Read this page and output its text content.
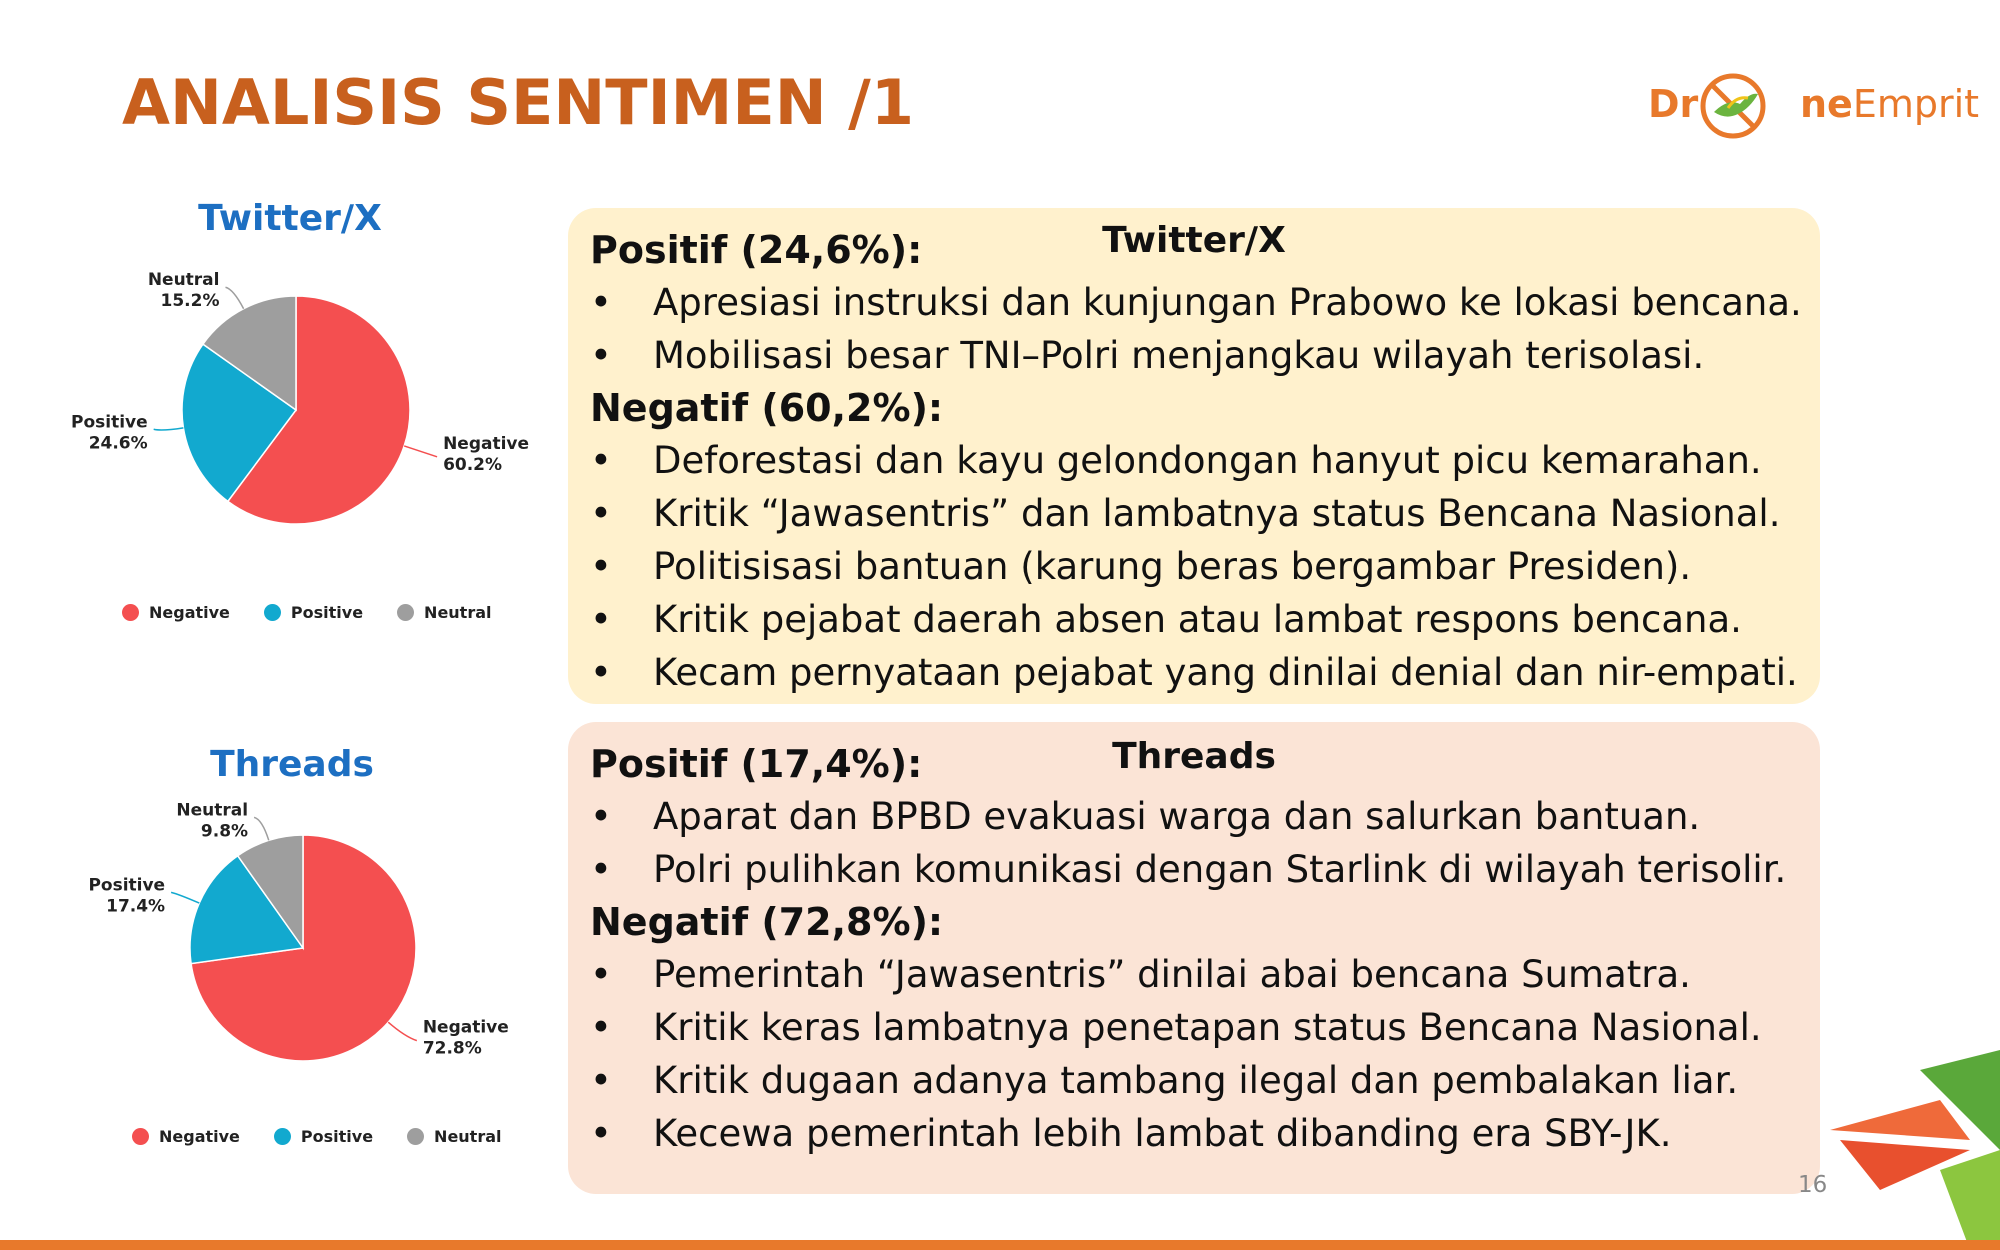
ANALISIS SENTIMEN /1	Dr	neEmprit
Twitter/X
Negative
60.2%
Positive
24.6%
Neutral
15.2%
Negative	Positive	Neutral
Threads
Negative
72.8%
Positive
17.4%
Neutral
9.8%
Negative	Positive	Neutral
Twitter/X
Positif (24,6%):
• Apresiasi instruksi dan kunjungan Prabowo ke lokasi bencana.
• Mobilisasi besar TNI–Polri menjangkau wilayah terisolasi.
Negatif (60,2%):
• Deforestasi dan kayu gelondongan hanyut picu kemarahan.
• Kritik “Jawasentris” dan lambatnya status Bencana Nasional.
• Politisisasi bantuan (karung beras bergambar Presiden).
• Kritik pejabat daerah absen atau lambat respons bencana.
• Kecam pernyataan pejabat yang dinilai denial dan nir-empati.
Threads
Positif (17,4%):
• Aparat dan BPBD evakuasi warga dan salurkan bantuan.
• Polri pulihkan komunikasi dengan Starlink di wilayah terisolir.
Negatif (72,8%):
• Pemerintah “Jawasentris” dinilai abai bencana Sumatra.
• Kritik keras lambatnya penetapan status Bencana Nasional.
• Kritik dugaan adanya tambang ilegal dan pembalakan liar.
• Kecewa pemerintah lebih lambat dibanding era SBY-JK.
16
